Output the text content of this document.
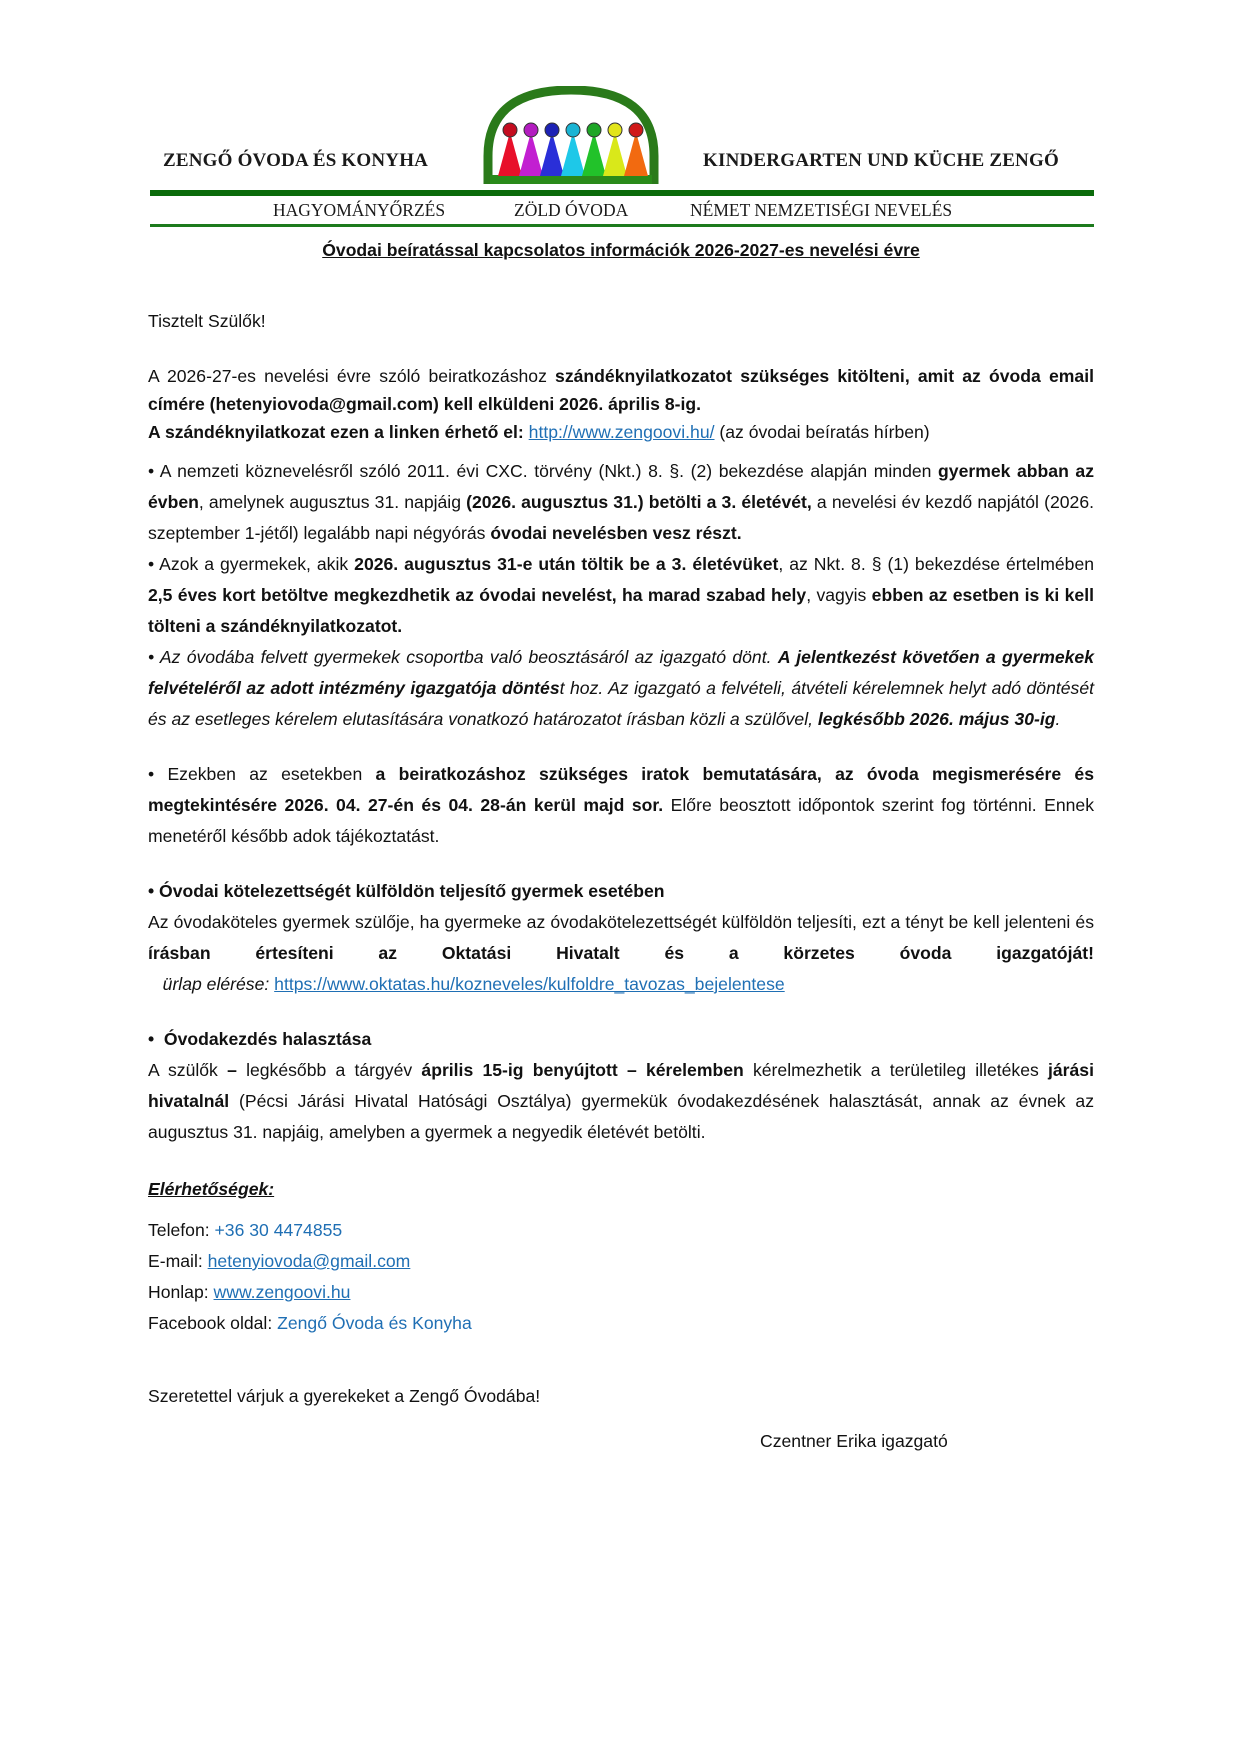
ZENGŐ ÓVODA ÉS KONYHA	KINDERGARTEN UND KÜCHE ZENGŐ
HAGYOMÁNYŐRZÉS	ZÖLD ÓVODA	NÉMET NEMZETISÉGI NEVELÉS

Óvodai beíratással kapcsolatos információk 2026-2027-es nevelési évre

Tisztelt Szülők!

A 2026-27-es nevelési évre szóló beiratkozáshoz szándéknyilatkozatot szükséges kitölteni, amit az óvoda email címére (hetenyiovoda@gmail.com) kell elküldeni 2026. április 8-ig.
A szándéknyilatkozat ezen a linken érhető el: http://www.zengoovi.hu/ (az óvodai beíratás hírben)

• A nemzeti köznevelésről szóló 2011. évi CXC. törvény (Nkt.) 8. §. (2) bekezdése alapján minden gyermek abban az évben, amelynek augusztus 31. napjáig (2026. augusztus 31.) betölti a 3. életévét, a nevelési év kezdő napjától (2026. szeptember 1-jétől) legalább napi négyórás óvodai nevelésben vesz részt.

• Azok a gyermekek, akik 2026. augusztus 31-e után töltik be a 3. életévüket, az Nkt. 8. § (1) bekezdése értelmében 2,5 éves kort betöltve megkezdhetik az óvodai nevelést, ha marad szabad hely, vagyis ebben az esetben is ki kell tölteni a szándéknyilatkozatot.

• Az óvodába felvett gyermekek csoportba való beosztásáról az igazgató dönt. A jelentkezést követően a gyermekek felvételéről az adott intézmény igazgatója döntést hoz. Az igazgató a felvételi, átvételi kérelemnek helyt adó döntését és az esetleges kérelem elutasítására vonatkozó határozatot írásban közli a szülővel, legkésőbb 2026. május 30-ig.

• Ezekben az esetekben a beiratkozáshoz szükséges iratok bemutatására, az óvoda megismerésére és megtekintésére 2026. 04. 27-én és 04. 28-án kerül majd sor. Előre beosztott időpontok szerint fog történni. Ennek menetéről később adok tájékoztatást.

• Óvodai kötelezettségét külföldön teljesítő gyermek esetében

Az óvodaköteles gyermek szülője, ha gyermeke az óvodakötelezettségét külföldön teljesíti, ezt a tényt be kell jelenteni és írásban értesíteni az Oktatási Hivatalt és a körzetes óvoda igazgatóját!   ürlap elérése: https://www.oktatas.hu/kozneveles/kulfoldre_tavozas_bejelentese

•  Óvodakezdés halasztása

A szülők – legkésőbb a tárgyév április 15-ig benyújtott – kérelemben kérelmezhetik a területileg illetékes járási hivatalnál (Pécsi Járási Hivatal Hatósági Osztálya) gyermekük óvodakezdésének halasztását, annak az évnek az augusztus 31. napjáig, amelyben a gyermek a negyedik életévét betölti.

Elérhetőségek:

Telefon: +36 30 4474855

E-mail: hetenyiovoda@gmail.com

Honlap: www.zengoovi.hu

Facebook oldal: Zengő Óvoda és Konyha

Szeretettel várjuk a gyerekeket a Zengő Óvodába!

Czentner Erika igazgató
